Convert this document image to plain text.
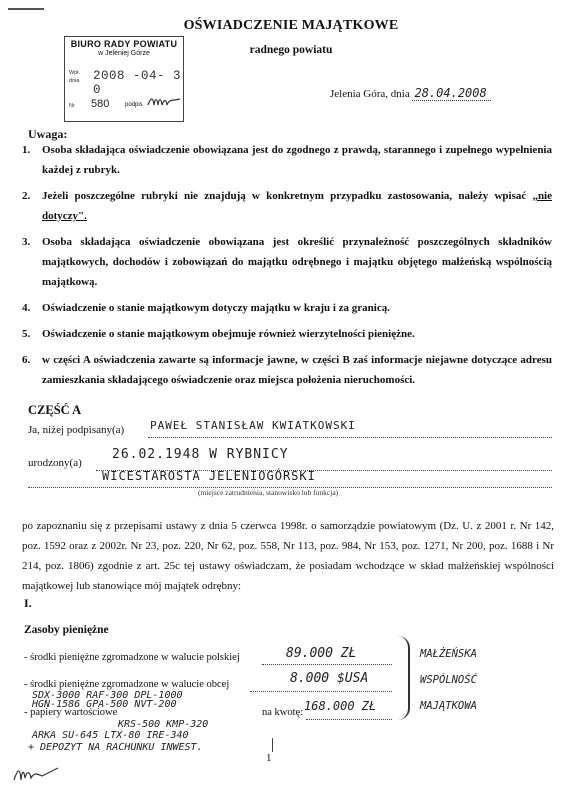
OŚWIADCZENIE MAJĄTKOWE
radnego powiatu
BIURO RADY POWIATU
w Jeleniej Górze
Wpł.
dnia 2008 -04- 3 0
Nr 580	podpis
Jelenia Góra, dnia 28.04.2008
Uwaga:
1. Osoba składająca oświadczenie obowiązana jest do zgodnego z prawdą, starannego i zupełnego wypełnienia każdej z rubryk.
2. Jeżeli poszczególne rubryki nie znajdują w konkretnym przypadku zastosowania, należy wpisać „nie dotyczy".
3. Osoba składająca oświadczenie obowiązana jest określić przynależność poszczególnych składników majątkowych, dochodów i zobowiązań do majątku odrębnego i majątku objętego małżeńską wspólnością majątkową.
4. Oświadczenie o stanie majątkowym dotyczy majątku w kraju i za granicą.
5. Oświadczenie o stanie majątkowym obejmuje również wierzytelności pieniężne.
6. w części A oświadczenia zawarte są informacje jawne, w części B zaś informacje niejawne dotyczące adresu zamieszkania składającego oświadczenie oraz miejsca położenia nieruchomości.
CZĘŚĆ A
Ja, niżej podpisany(a) PAWEŁ STANISŁAW KWIATKOWSKI
urodzony(a)
26.02.1948 W RYBNICY
WICESTAROSTA JELENIOGÓRSKI
(miejsce zatrudnienia, stanowisko lub funkcja)
po zapoznaniu się z przepisami ustawy z dnia 5 czerwca 1998r. o samorządzie powiatowym (Dz. U. z 2001 r. Nr 142, poz. 1592 oraz z 2002r. Nr 23, poz. 220, Nr 62, poz. 558, Nr 113, poz. 984, Nr 153, poz. 1271, Nr 200, poz. 1688 i Nr 214, poz. 1806) zgodnie z art. 25c tej ustawy oświadczam, że posiadam wchodzące w skład małżeńskiej wspólności majątkowej lub stanowiące mój majątek odrębny:
I.
Zasoby pieniężne
- środki pieniężne zgromadzone w walucie polskiej	89.000 ZŁ
- środki pieniężne zgromadzone w walucie obcej	8.000 $USA
- papiery wartościowe	na kwotę: 168.000 ZŁ
MAŁŻEŃSKA
WSPÓLNOŚĆ
MAJĄTKOWA
SDX-3000 RAF-300 DPL-1000
HGN-1586 GPA-500 NVT-200
KRS-500 KMP-320
ARKA SU-645 LTX-80 IRE-340
+ DEPOZYT NA RACHUNKU INWEST.
1
